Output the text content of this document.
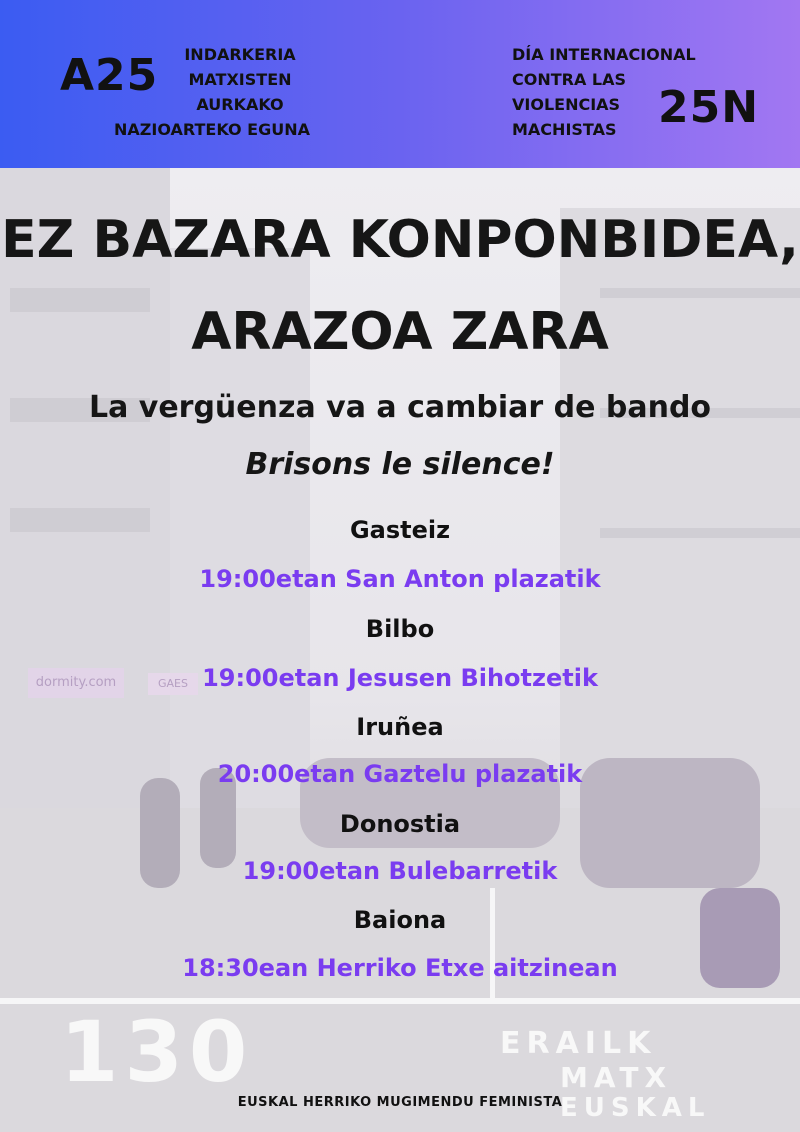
A25	INDARKERIA
MATXISTEN
AURKAKO
NAZIOARTEKO EGUNA
DÍA INTERNACIONAL
CONTRA LAS
VIOLENCIAS
MACHISTAS 25N
dormity.com	GAES
130	ERAILK
MATX
EUSKAL
EZ BAZARA KONPONBIDEA,
ARAZOA ZARA
La vergüenza va a cambiar de bando
Brisons le silence!
Gasteiz
19:00etan San Anton plazatik
Bilbo
19:00etan Jesusen Bihotzetik
Iruñea
20:00etan Gaztelu plazatik
Donostia
19:00etan Bulebarretik
Baiona
18:30ean Herriko Etxe aitzinean
EUSKAL HERRIKO MUGIMENDU FEMINISTA
